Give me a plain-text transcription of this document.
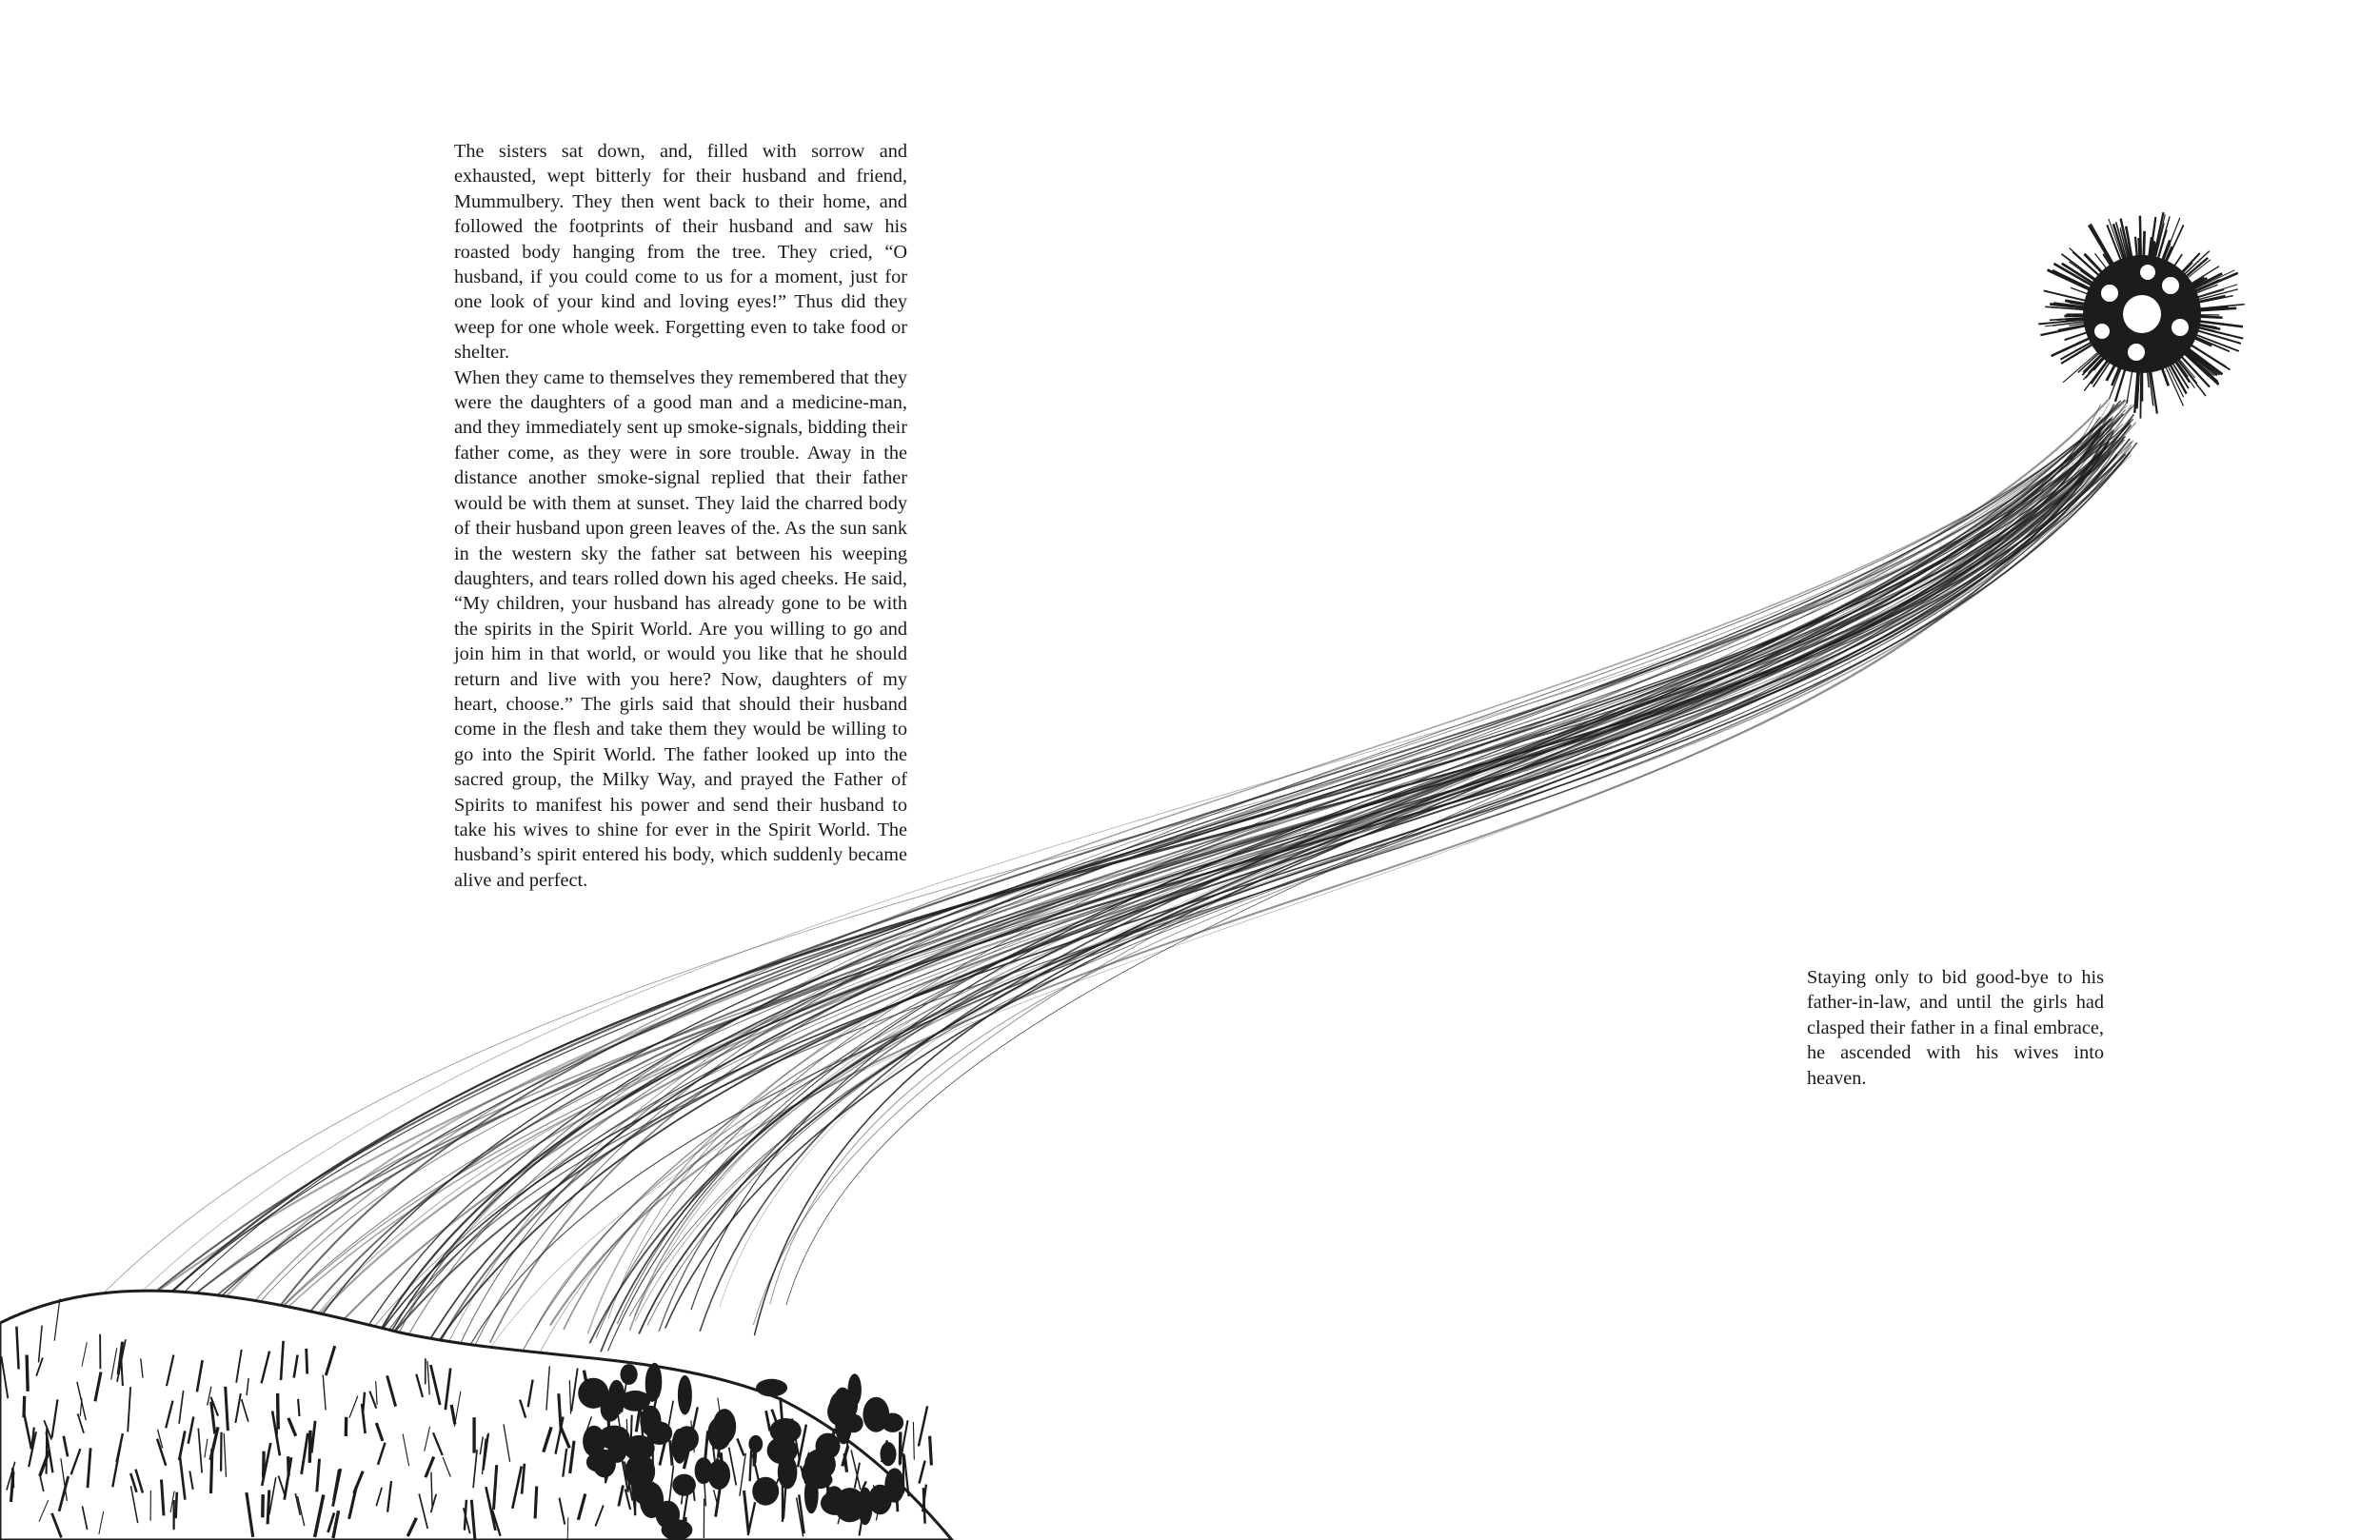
The sisters sat down, and, filled with sorrow and exhausted, wept bitterly for their husband and friend, Mummulbery. They then went back to their home, and followed the footprints of their husband and saw his roasted body hanging from the tree. They cried, “O husband, if you could come to us for a moment, just for one look of your kind and loving eyes!” Thus did they weep for one whole week. Forgetting even to take food or shelter.

When they came to themselves they remembered that they were the daughters of a good man and a medicine-man, and they immediately sent up smoke-signals, bidding their father come, as they were in sore trouble. Away in the distance another smoke-signal replied that their father would be with them at sunset. They laid the charred body of their husband upon green leaves of the. As the sun sank in the western sky the father sat between his weeping daughters, and tears rolled down his aged cheeks. He said, “My children, your husband has already gone to be with the spirits in the Spirit World. Are you willing to go and join him in that world, or would you like that he should return and live with you here? Now, daughters of my heart, choose.” The girls said that should their husband come in the flesh and take them they would be willing to go into the Spirit World. The father looked up into the sacred group, the Milky Way, and prayed the Father of Spirits to manifest his power and send their husband to take his wives to shine for ever in the Spirit World. The husband’s spirit entered his body, which suddenly became alive and perfect.

Staying only to bid good-bye to his father-in-law, and until the girls had clasped their father in a final embrace, he ascended with his wives into heaven.
